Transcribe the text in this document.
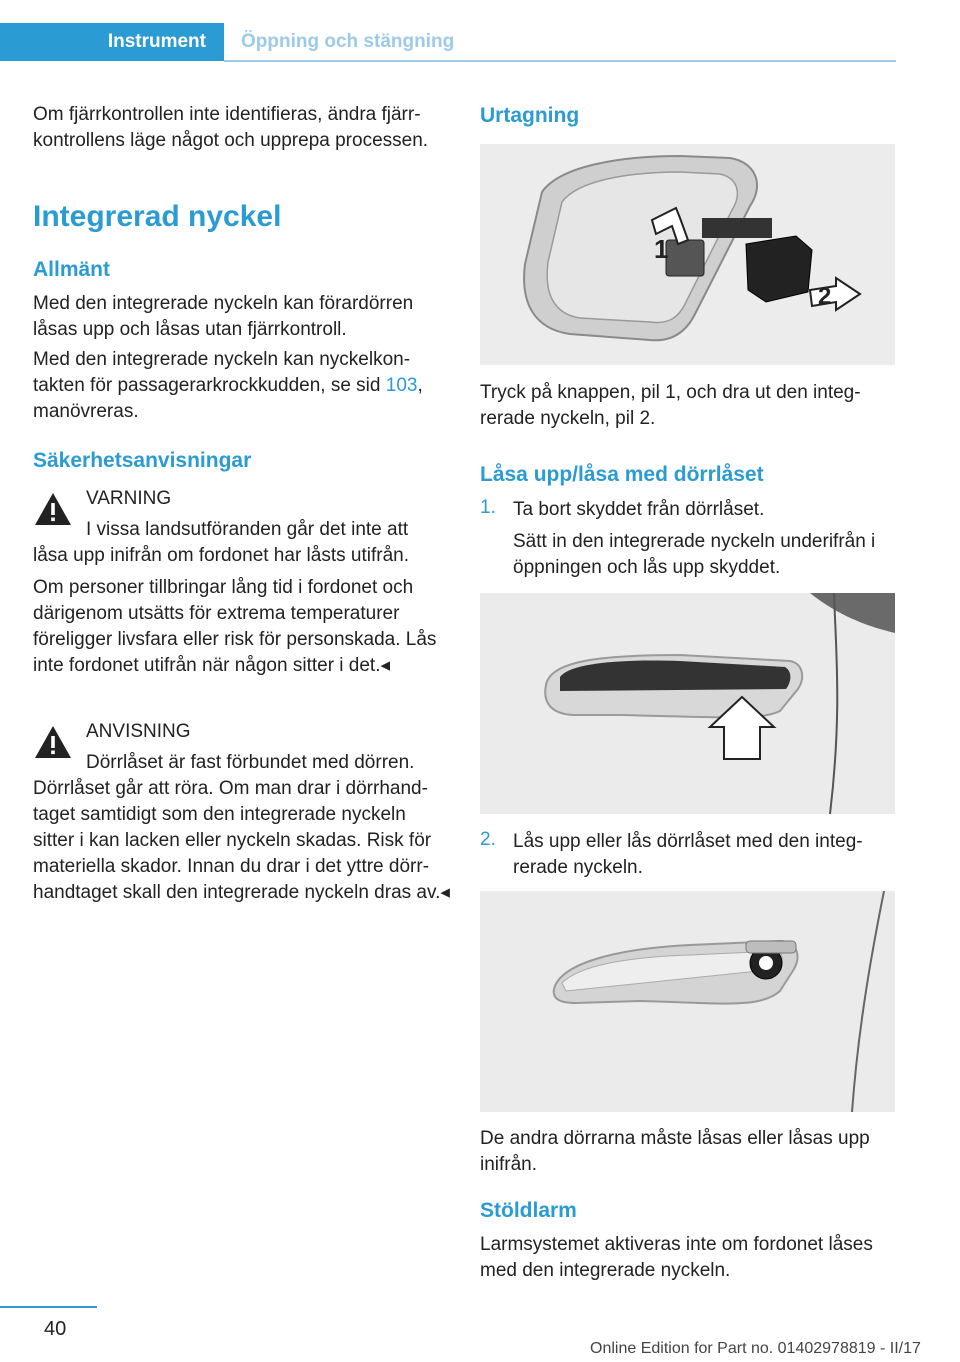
Instrument	Öppning och stängning

Om fjärrkontrollen inte identifieras, ändra fjärrkontrollens läge något och upprepa processen.

Integrerad nyckel
Allmänt

Med den integrerade nyckeln kan förardörren låsas upp och låsas utan fjärrkontroll.

Med den integrerade nyckeln kan nyckelkontakten för passagerarkrockkudden, se sid 103, manövreras.

Säkerhetsanvisningar

VARNING

I vissa landsutföranden går det inte att

låsa upp inifrån om fordonet har låsts utifrån.

Om personer tillbringar lång tid i fordonet och därigenom utsätts för extrema temperaturer föreligger livsfara eller risk för personskada. Lås inte fordonet utifrån när någon sitter i det.◂

ANVISNING

Dörrlåset är fast förbundet med dörren.

Dörrlåset går att röra. Om man drar i dörrhandtaget samtidigt som den integrerade nyckeln sitter i kan lacken eller nyckeln skadas. Risk för materiella skador. Innan du drar i det yttre dörrhandtaget skall den integrerade nyckeln dras av.◂

Urtagning
1
2

Tryck på knappen, pil 1, och dra ut den integrerade nyckeln, pil 2.

Låsa upp/låsa med dörrlåset
1. Ta bort skyddet från dörrlåset.

Sätt in den integrerade nyckeln underifrån i öppningen och lås upp skyddet.

2. Lås upp eller lås dörrlåset med den integrerade nyckeln.

De andra dörrarna måste låsas eller låsas upp inifrån.

Stöldlarm

Larmsystemet aktiveras inte om fordonet låses med den integrerade nyckeln.

40
Online Edition for Part no. 01402978819 - II/17
